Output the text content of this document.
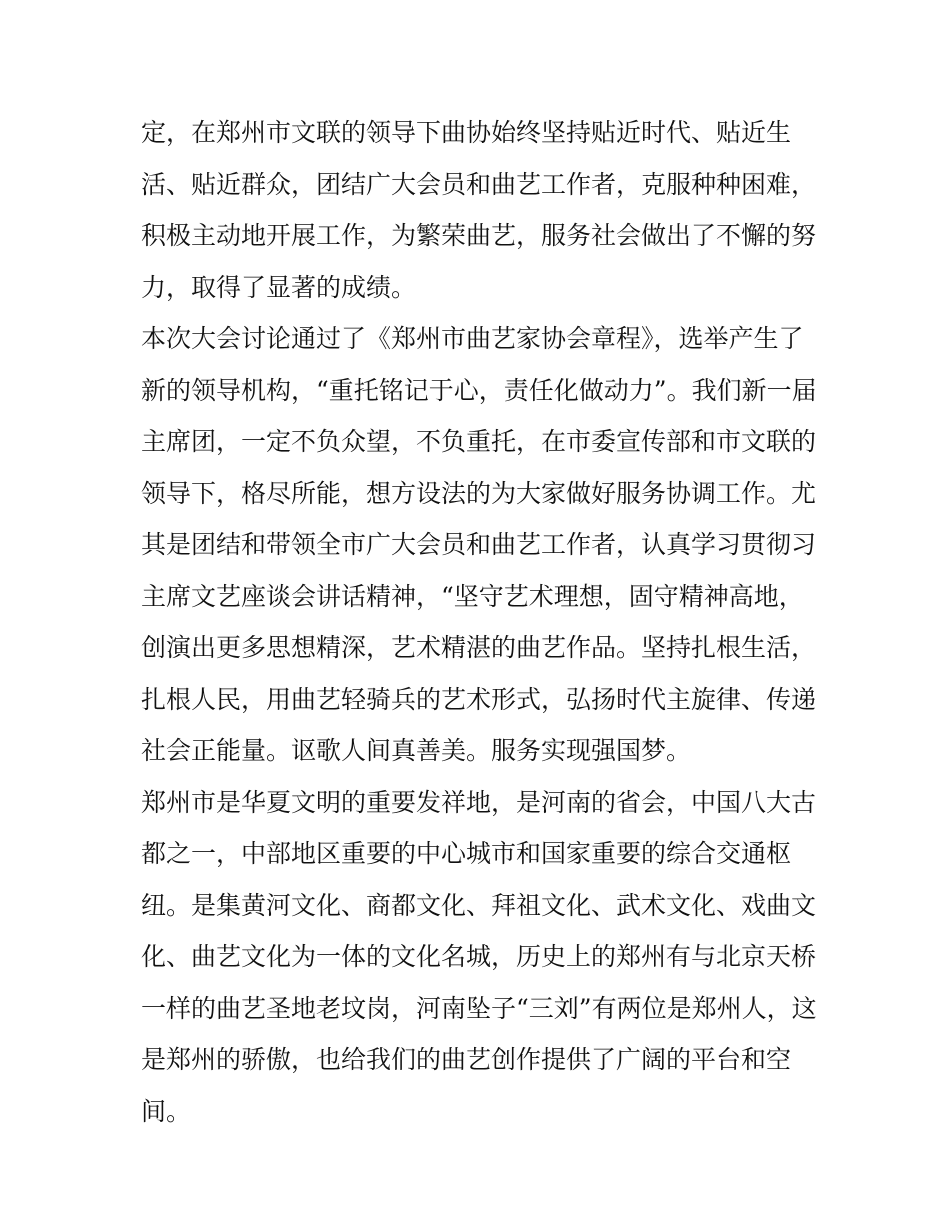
定，在郑州市文联的领导下曲协始终坚持贴近时代、贴近生
活、贴近群众，团结广大会员和曲艺工作者，克服种种困难，
积极主动地开展工作，为繁荣曲艺，服务社会做出了不懈的努
力，取得了显著的成绩。
本次大会讨论通过了《郑州市曲艺家协会章程》，选举产生了
新的领导机构，“重托铭记于心，责任化做动力”。我们新一届
主席团，一定不负众望，不负重托，在市委宣传部和市文联的
领导下，格尽所能，想方设法的为大家做好服务协调工作。尤
其是团结和带领全市广大会员和曲艺工作者，认真学习贯彻习
主席文艺座谈会讲话精神，“坚守艺术理想，固守精神高地，
创演出更多思想精深，艺术精湛的曲艺作品。坚持扎根生活，
扎根人民，用曲艺轻骑兵的艺术形式，弘扬时代主旋律、传递
社会正能量。讴歌人间真善美。服务实现强国梦。
郑州市是华夏文明的重要发祥地，是河南的省会，中国八大古
都之一，中部地区重要的中心城市和国家重要的综合交通枢
纽。是集黄河文化、商都文化、拜祖文化、武术文化、戏曲文
化、曲艺文化为一体的文化名城，历史上的郑州有与北京天桥
一样的曲艺圣地老坟岗，河南坠子“三刘”有两位是郑州人，这
是郑州的骄傲，也给我们的曲艺创作提供了广阔的平台和空
间。
